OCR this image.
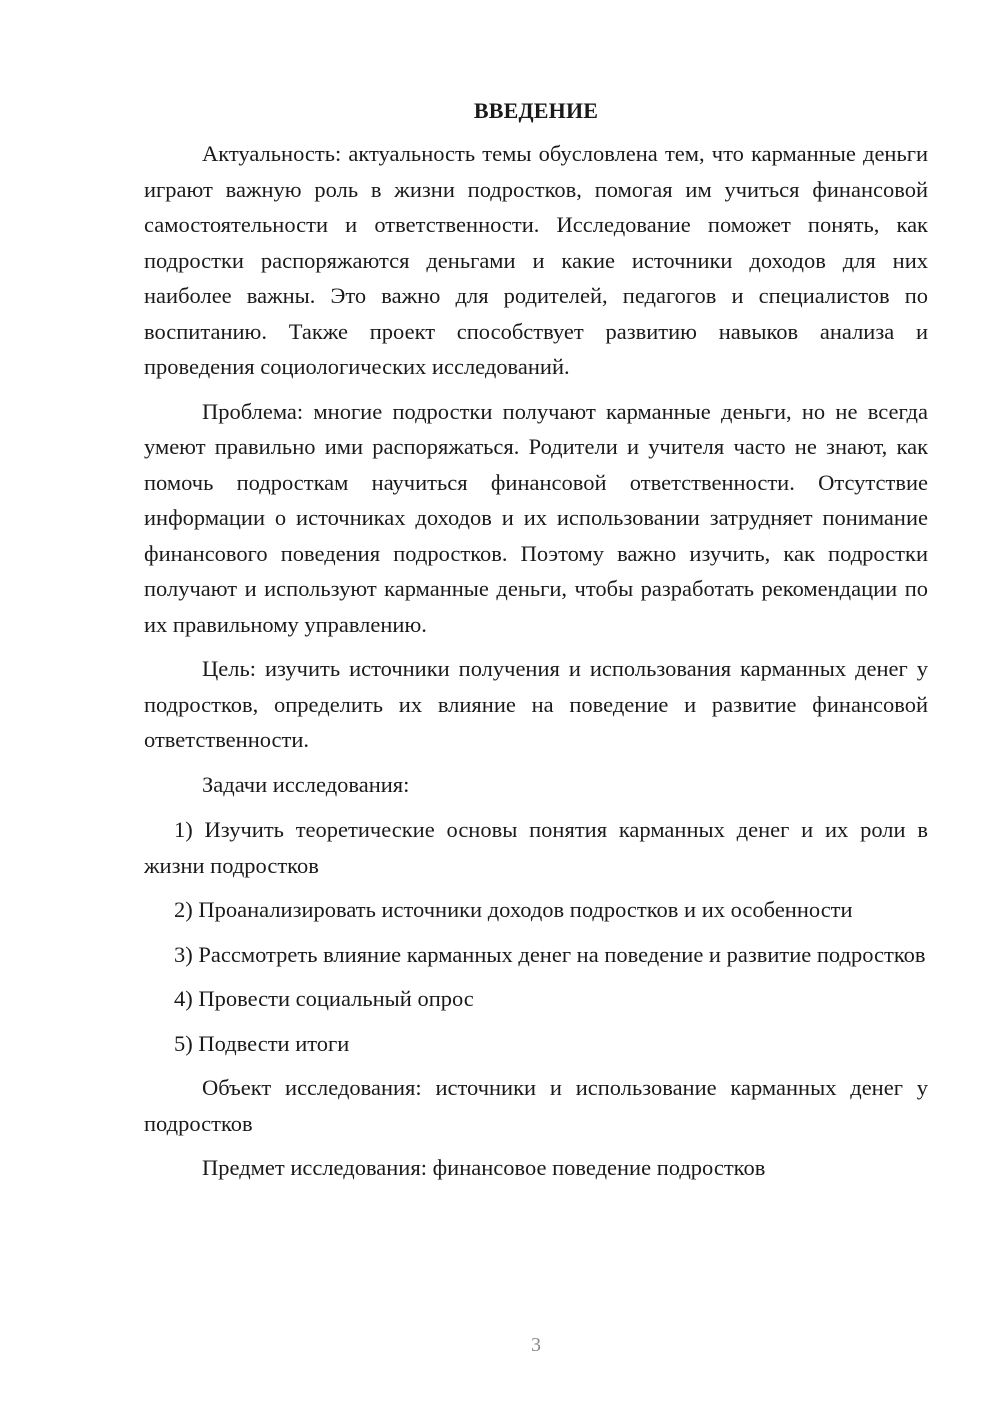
ВВЕДЕНИЕ

Актуальность: актуальность темы обусловлена тем, что карманные деньги играют важную роль в жизни подростков, помогая им учиться финансовой самостоятельности и ответственности. Исследование поможет понять, как подростки распоряжаются деньгами и какие источники доходов для них наиболее важны. Это важно для родителей, педагогов и специалистов по воспитанию. Также проект способствует развитию навыков анализа и проведения социологических исследований.

Проблема: многие подростки получают карманные деньги, но не всегда умеют правильно ими распоряжаться. Родители и учителя часто не знают, как помочь подросткам научиться финансовой ответственности. Отсутствие информации о источниках доходов и их использовании затрудняет понимание финансового поведения подростков. Поэтому важно изучить, как подростки получают и используют карманные деньги, чтобы разработать рекомендации по их правильному управлению.

Цель: изучить источники получения и использования карманных денег у подростков, определить их влияние на поведение и развитие финансовой ответственности.

Задачи исследования:

1) Изучить теоретические основы понятия карманных денег и их роли в жизни подростков

2) Проанализировать источники доходов подростков и их особенности

3) Рассмотреть влияние карманных денег на поведение и развитие подростков

4) Провести социальный опрос

5) Подвести итоги

Объект исследования: источники и использование карманных денег у подростков

Предмет исследования: финансовое поведение подростков

3
